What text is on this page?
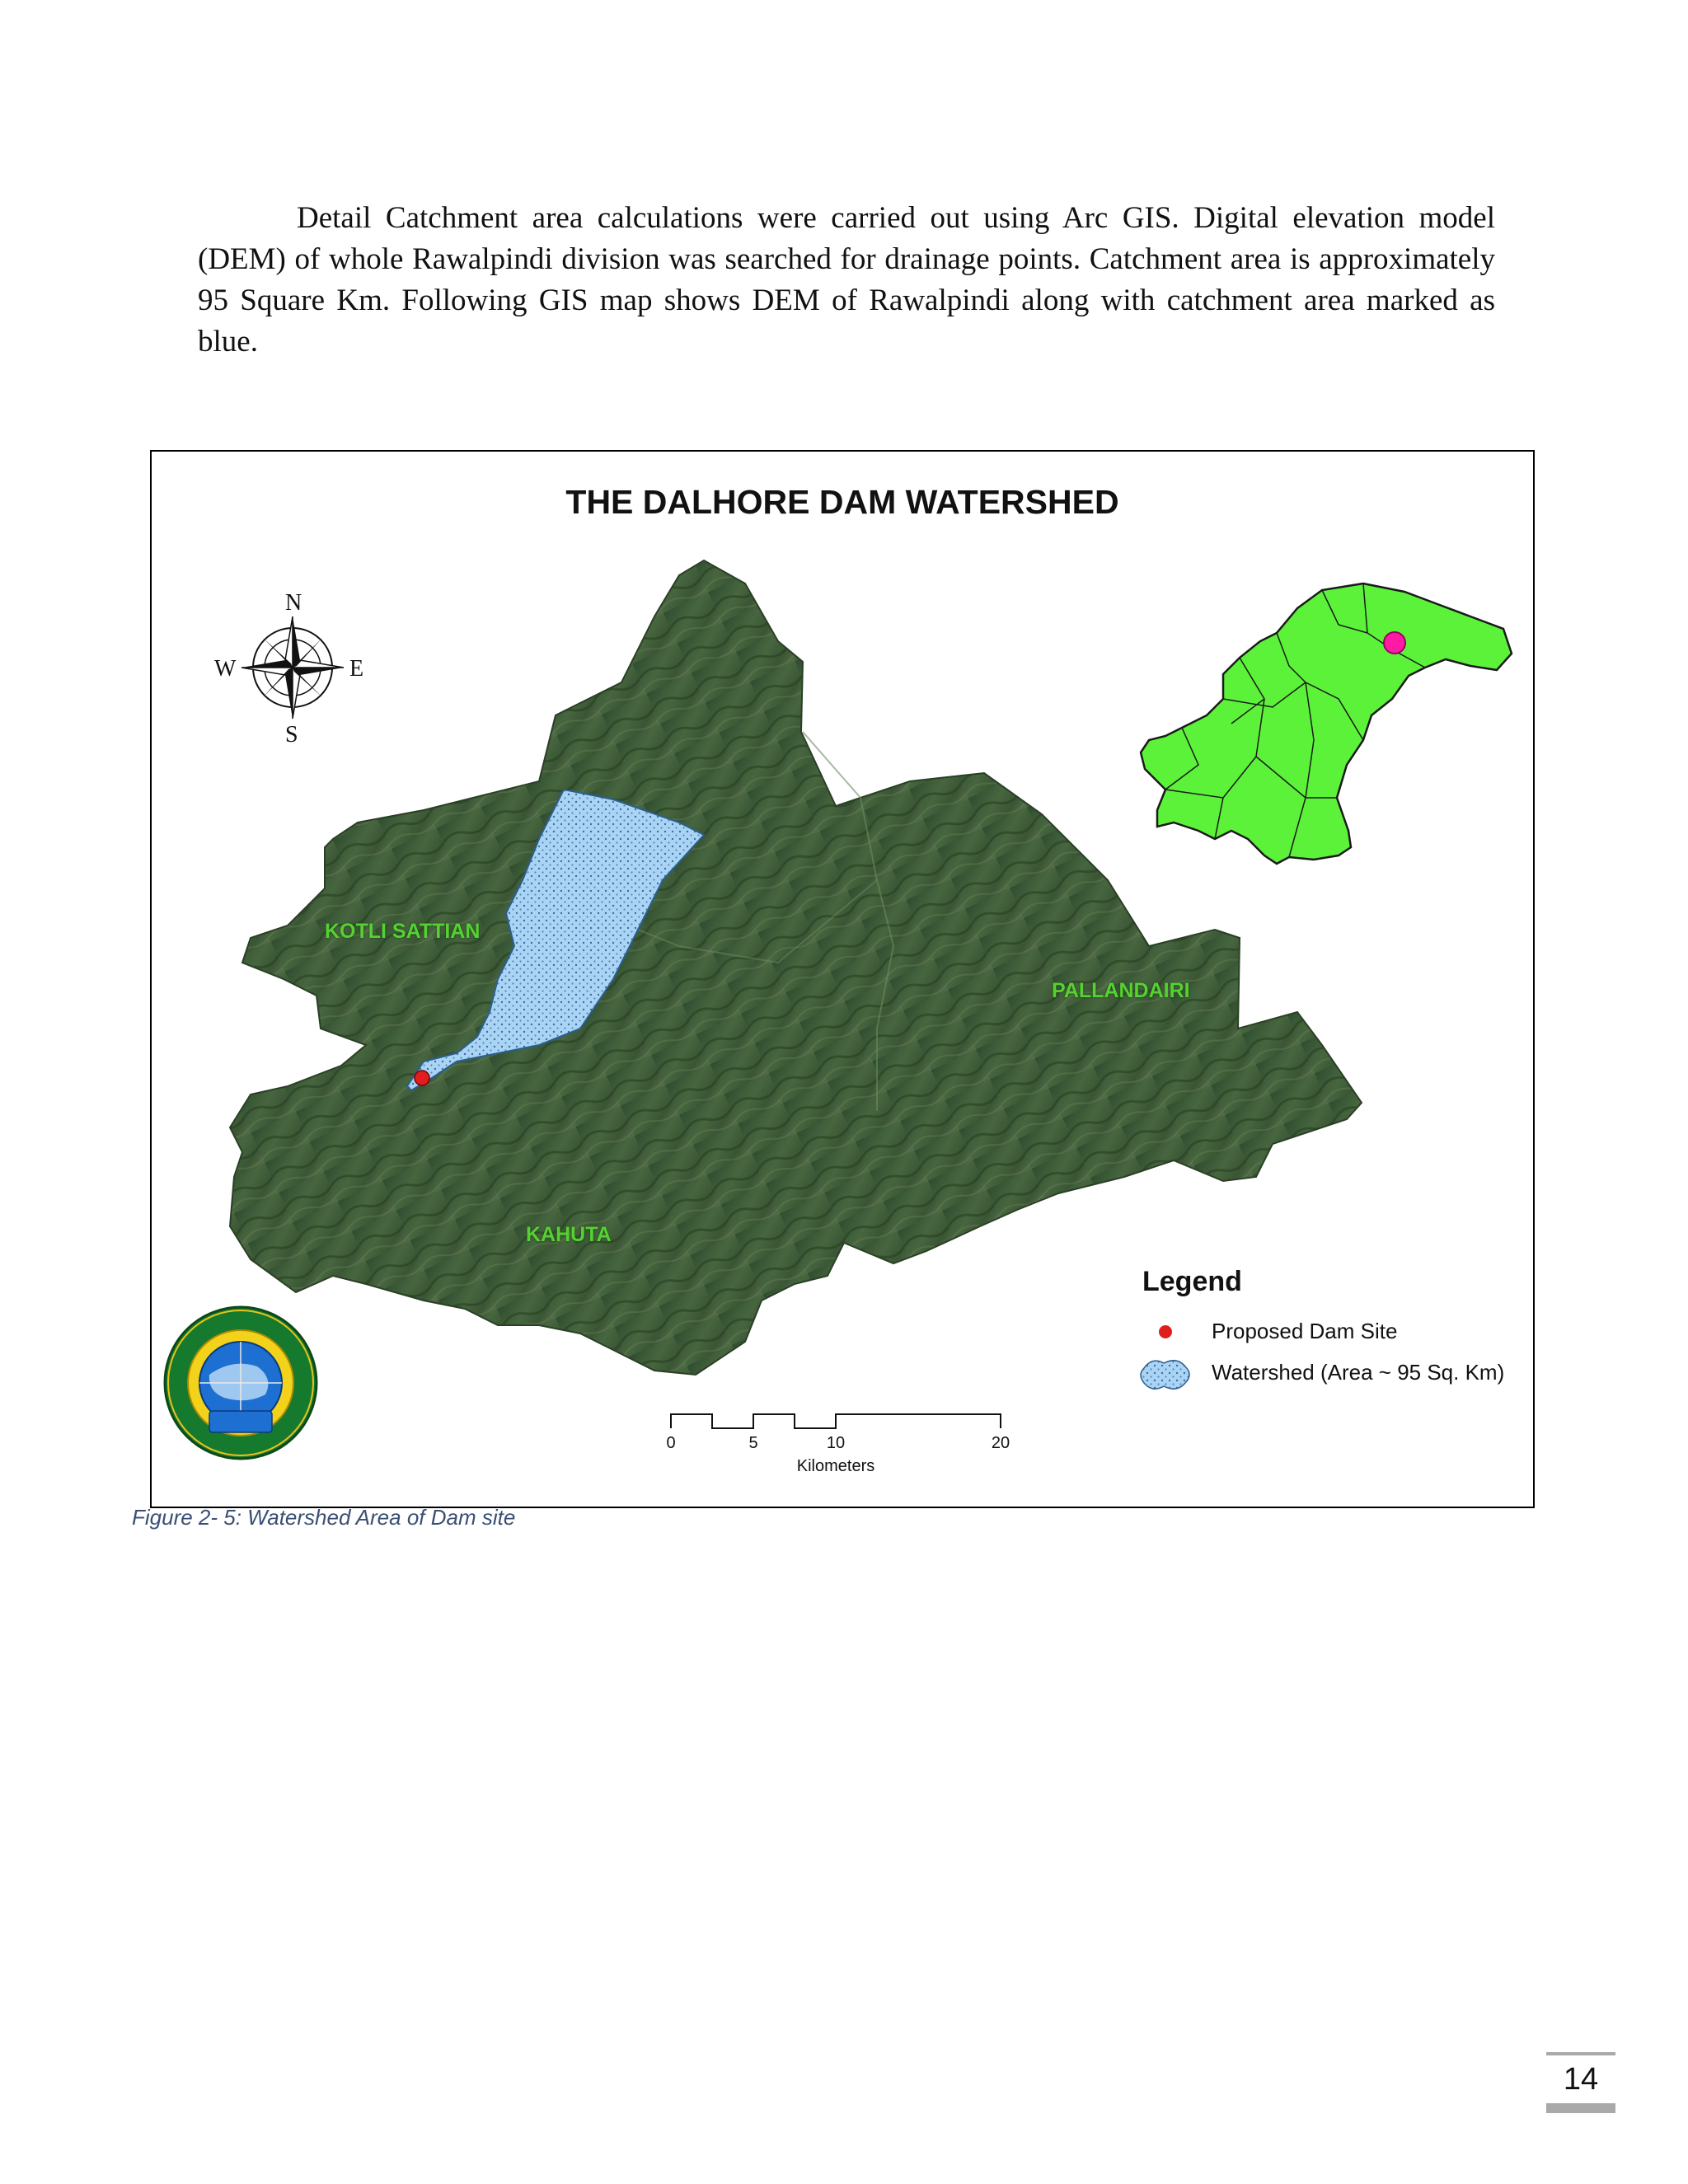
Detail Catchment area calculations were carried out using Arc GIS. Digital elevation model (DEM) of whole Rawalpindi division was searched for drainage points. Catchment area is approximately 95 Square Km. Following GIS map shows DEM of Rawalpindi along with catchment area marked as blue.

THE DALHORE DAM WATERSHED
N
S
E
W
KOTLI SATTIAN
PALLANDAIRI
KAHUTA
Legend
Proposed Dam Site
Watershed (Area ~ 95 Sq. Km)
0	5	10	20
Kilometers
Figure 2- 5: Watershed Area of Dam site
14
